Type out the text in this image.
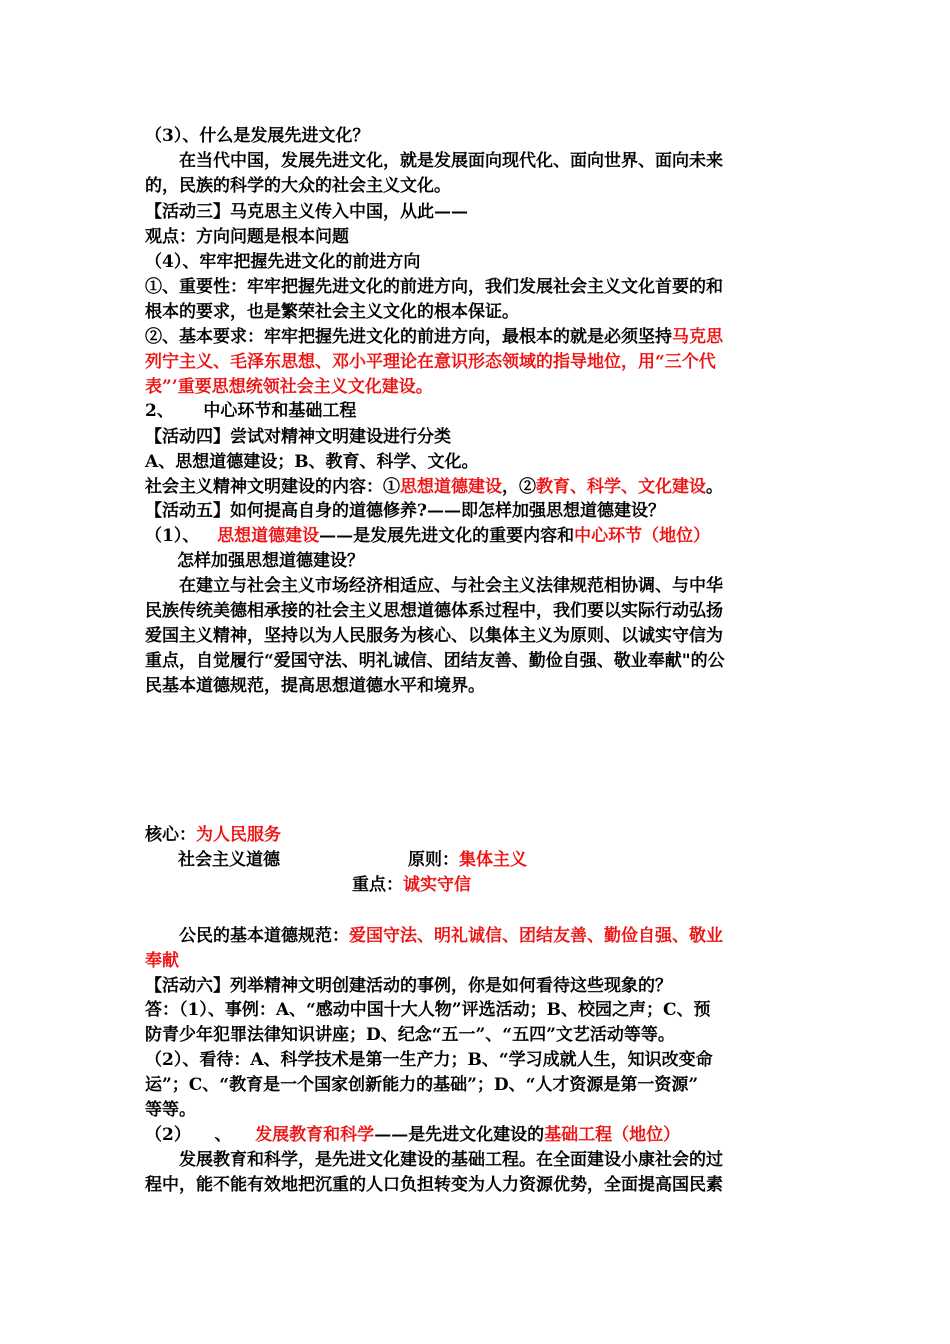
（3）、什么是发展先进文化？
在当代中国，发展先进文化，就是发展面向现代化、面向世界、面向未来
的，民族的科学的大众的社会主义文化。
【活动三】马克思主义传入中国，从此——
观点：方向问题是根本问题
（4）、牢牢把握先进文化的前进方向
①、重要性：牢牢把握先进文化的前进方向，我们发展社会主义文化首要的和
根本的要求，也是繁荣社会主义文化的根本保证。
②、基本要求：牢牢把握先进文化的前进方向，最根本的就是必须坚持马克思
列宁主义、毛泽东思想、邓小平理论在意识形态领域的指导地位，用“三个代
表”’重要思想统领社会主义文化建设。
2、     中心环节和基础工程
【活动四】尝试对精神文明建设进行分类
A、思想道德建设；B、教育、科学、文化。
社会主义精神文明建设的内容：①思想道德建设，②教育、科学、文化建设。
【活动五】如何提高自身的道德修养?——即怎样加强思想道德建设？
（1）、 思想道德建设——是发展先进文化的重要内容和中心环节（地位）
怎样加强思想道德建设？
在建立与社会主义市场经济相适应、与社会主义法律规范相协调、与中华
民族传统美德相承接的社会主义思想道德体系过程中，我们要以实际行动弘扬
爱国主义精神，坚持以为人民服务为核心、以集体主义为原则、以诚实守信为
重点，自觉履行“爱国守法、明礼诚信、团结友善、勤俭自强、敬业奉献"的公
民基本道德规范，提高思想道德水平和境界。
核心：为人民服务
社会主义道德	原则：集体主义
重点：诚实守信
公民的基本道德规范：爱国守法、明礼诚信、团结友善、勤俭自强、敬业
奉献
【活动六】列举精神文明创建活动的事例，你是如何看待这些现象的？
答：（1）、事例：A、“感动中国十大人物”评选活动；B、校园之声；C、预
防青少年犯罪法律知识讲座；D、纪念“五一”、“五四”文艺活动等等。
（2）、看待：A、科学技术是第一生产力；B、“学习成就人生，知识改变命
运”；C、“教育是一个国家创新能力的基础”；D、“人才资源是第一资源”
等等。
（2）    、    发展教育和科学——是先进文化建设的基础工程（地位）
发展教育和科学，是先进文化建设的基础工程。在全面建设小康社会的过
程中，能不能有效地把沉重的人口负担转变为人力资源优势，全面提高国民素
